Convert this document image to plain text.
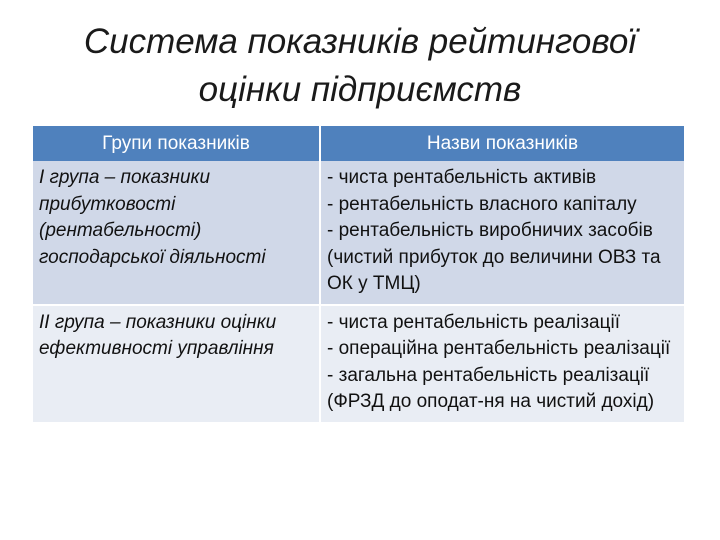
Система показників рейтингової
оцінки підприємств
Групи показників	Назви показників
І група – показники прибутковості (рентабельності) господарської діяльності	- чиста рентабельність активів
- рентабельність власного капіталу
- рентабельність виробничих засобів (чистий прибуток до величини ОВЗ та ОК у ТМЦ)

ІІ група – показники оцінки ефективності управління	- чиста рентабельність реалізації
- операційна рентабельність реалізації
- загальна рентабельність реалізації (ФРЗД до оподат-ня на чистий дохід)
